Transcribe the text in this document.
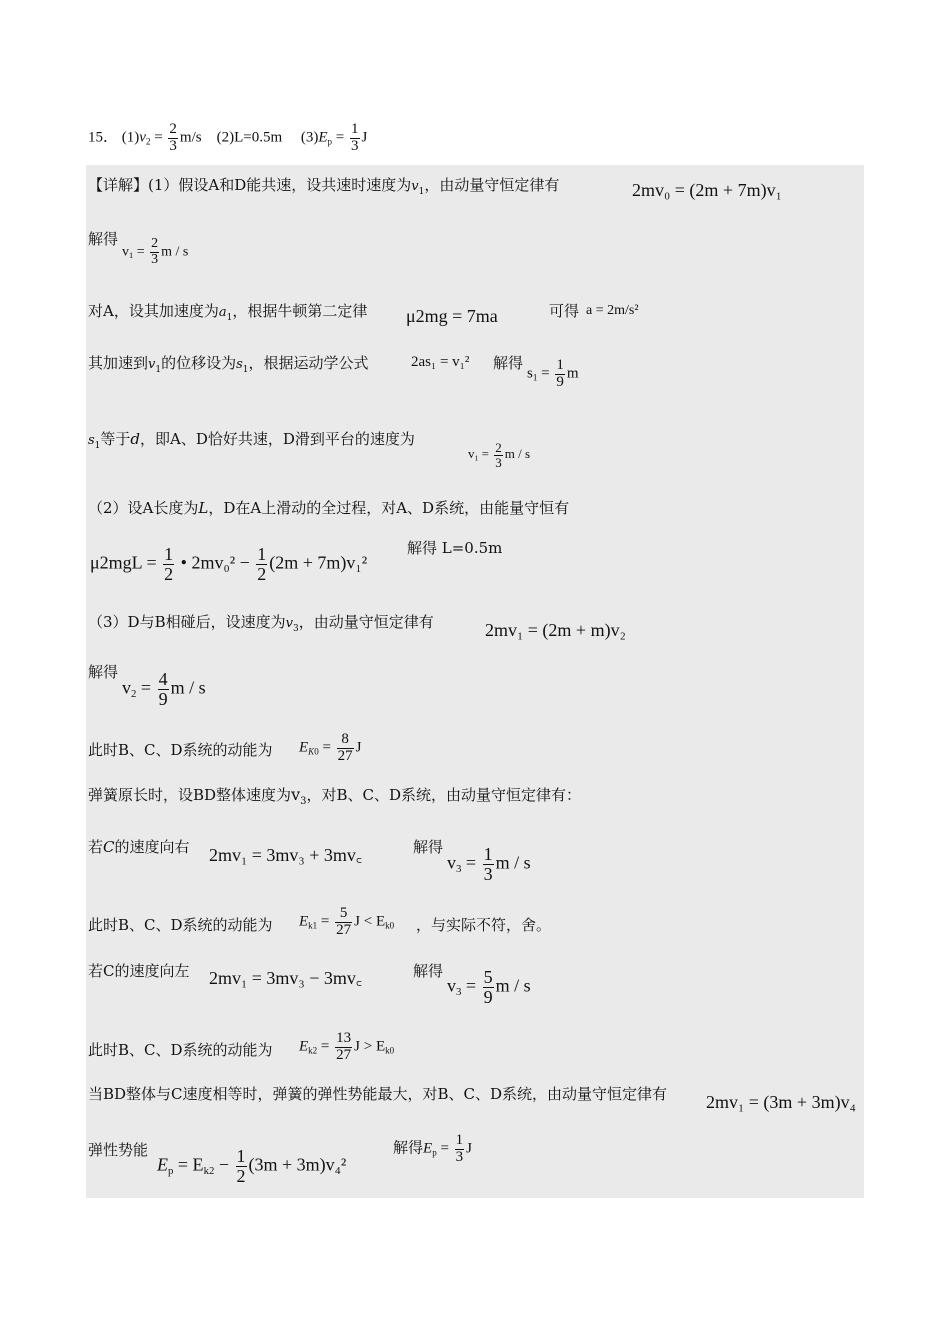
15． $(1)v_2 = \frac{2}{3} m/s$ (2)L=0.5m $(3)E_p = \frac{1}{3}$ J
【详解】(1）假设A和D能共速，设共速时速度为$v_1$，由动量守恒定律有	2mv₀ = (2m + 7m)v₁
解得
$v_1 = \frac{2}{3}$ m / s
对A，设其加速度为$a_1$，根据牛顿第二定律 μ2mg = 7ma	可得 a = 2m/s²
其加速到$v_1$的位移设为$s_1$，根据运动学公式	2as₁ = v₁² 解得
$s_1 = \frac{1}{9}$ m
$s_1$等于d，即A、D恰好共速，D滑到平台的速度为
$v_1 = \frac{2}{3}$ m / s
（2）设A长度为L，D在A上滑动的全过程，对A、D系统，由能量守恒有
$\mu 2mgL = \frac{1}{2}$ • $2mv_0^2 - \frac{1}{2} (2m + 7m)v_1^2$
解得 L=0.5m
（3）D与B相碰后，设速度为$v_3$，由动量守恒定律有	2mv₁ = (2m + m)v₂
解得
$v_2 = \frac{4}{9}$ m / s
此时B、C、D系统的动能为 $E_{K0} = \frac{8}{27}$ J
弹簧原长时，设BD整体速度为$v_3$，对B、C、D系统，由动量守恒定律有：
若C的速度向右 2mv₁ = 3mv₃ + 3mv꜀	解得
$v_3 = \frac{1}{3}$ m / s
此时B、C、D系统的动能为 $E_{k1} = \frac{5}{27}$ $J < E_{k0}$ ，与实际不符，舍。
若C的速度向左 2mv₁ = 3mv₃ − 3mv꜀	解得
$v_3 = \frac{5}{9}$ m / s
此时B、C、D系统的动能为 $E_{k2} = \frac{13}{27}$ $J > E_{k0}$
当BD整体与C速度相等时，弹簧的弹性势能最大，对B、C、D系统，由动量守恒定律有 2mv₁ = (3m + 3m)v₄
弹性势能
$E_p = E_{k2} - \frac{1}{2} (3m + 3m)v_4^2$
解得$E_p = \frac{1}{3}$ J
